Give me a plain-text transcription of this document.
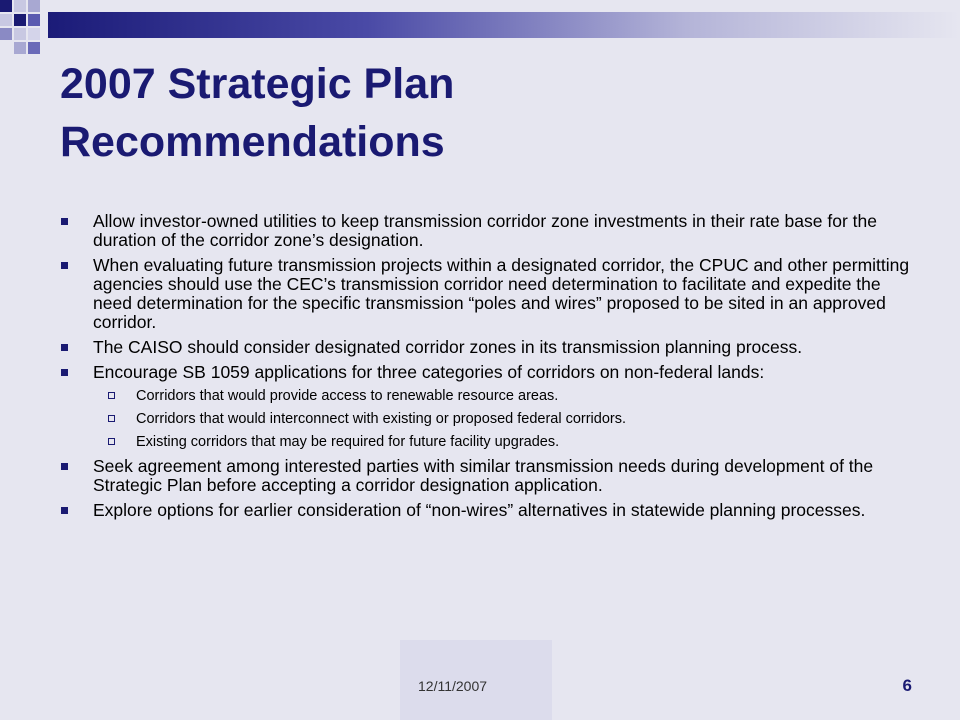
2007 Strategic Plan
Recommendations
Allow investor-owned utilities to keep transmission corridor zone investments in their rate base for the duration of the corridor zone’s designation.
When evaluating future transmission projects within a designated corridor, the CPUC and other permitting agencies should use the CEC’s transmission corridor need determination to facilitate and expedite the need determination for the specific transmission “poles and wires” proposed to be sited in an approved corridor.
The CAISO should consider designated corridor zones in its transmission planning process.
Encourage SB 1059 applications for three categories of corridors on non-federal lands:
Corridors that would provide access to renewable resource areas.
Corridors that would interconnect with existing or proposed federal corridors.
Existing corridors that may be required for future facility upgrades.
Seek agreement among interested parties with similar transmission needs during development of the Strategic Plan before accepting a corridor designation application.
Explore options for earlier consideration of “non-wires” alternatives in statewide planning processes.
12/11/2007	6
